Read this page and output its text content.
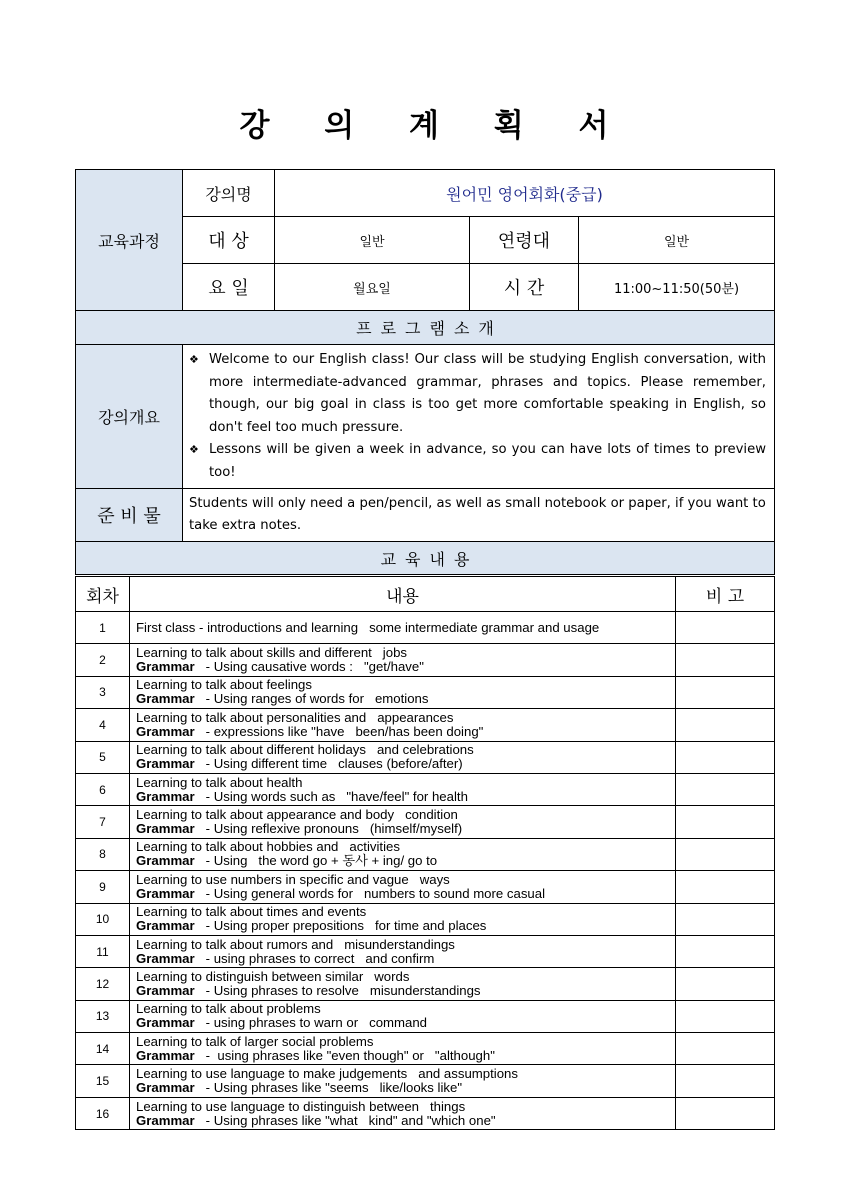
강 의 계 획 서
교육과정	강의명	원어민 영어회화(중급)		
	대 상	일반	연령대	일반
	요 일	월요일	시 간	11:00~11:50(50분)
프로그램소개				
강의개요	❖ Welcome to our English class! Our class will be studying English conversation, with more intermediate-advanced grammar, phrases and topics. Please remember, though, our big goal in class is too get more comfortable speaking in English, so don't feel too much pressure.
❖ Lessons will be given a week in advance, so you can have lots of times to preview too!			

준 비 물	Students will only need a pen/pencil, as well as small notebook or paper, if you want to take extra notes.			
교육내용				
회차	내용	비 고
1	First class - introductions and learning   some intermediate grammar and usage	

2	Learning to talk about skills and different   jobs
Grammar   - Using causative words :   "get/have"	

3	Learning to talk about feelings
Grammar   - Using ranges of words for   emotions	

4	Learning to talk about personalities and   appearances
Grammar   - expressions like "have   been/has been doing"	

5	Learning to talk about different holidays   and celebrations
Grammar   - Using different time   clauses (before/after)	

6	Learning to talk about health
Grammar   - Using words such as   "have/feel" for health	

7	Learning to talk about appearance and body   condition
Grammar   - Using reflexive pronouns   (himself/myself)	

8	Learning to talk about hobbies and   activities
Grammar   - Using   the word go + 동사 + ing/ go to	

9	Learning to use numbers in specific and vague   ways
Grammar   - Using general words for   numbers to sound more casual	

10	Learning to talk about times and events
Grammar   - Using proper prepositions   for time and places	

11	Learning to talk about rumors and   misunderstandings
Grammar   - using phrases to correct   and confirm	

12	Learning to distinguish between similar   words
Grammar   - Using phrases to resolve   misunderstandings	

13	Learning to talk about problems
Grammar   - using phrases to warn or   command	

14	Learning to talk of larger social problems
Grammar   -  using phrases like "even though" or   "although"	

15	Learning to use language to make judgements   and assumptions
Grammar   - Using phrases like "seems   like/looks like"	

16	Learning to use language to distinguish between   things
Grammar   - Using phrases like "what   kind" and "which one"	
